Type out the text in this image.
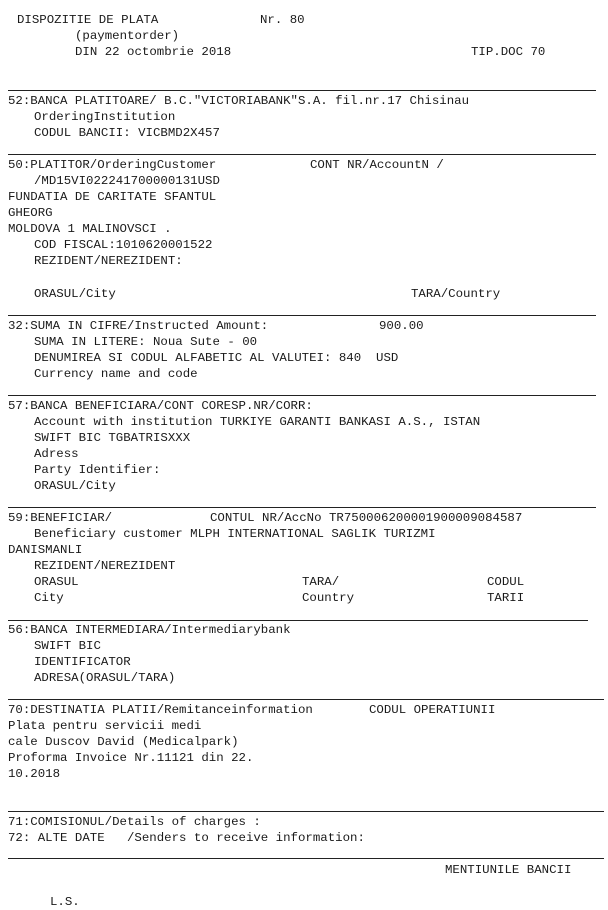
DISPOZITIE DE PLATA	Nr. 80
(paymentorder)
DIN 22 octombrie 2018	TIP.DOC 70
52:BANCA PLATITOARE/ B.C."VICTORIABANK"S.A. fil.nr.17 Chisinau
OrderingInstitution
CODUL BANCII: VICBMD2X457
50:PLATITOR/OrderingCustomer	CONT NR/AccountN /
/MD15VI022241700000131USD
FUNDATIA DE CARITATE SFANTUL
GHEORG
MOLDOVA 1 MALINOVSCI .
COD FISCAL:1010620001522
REZIDENT/NEREZIDENT:
ORASUL/City	TARA/Country
32:SUMA IN CIFRE/Instructed Amount:	900.00
SUMA IN LITERE: Noua Sute - 00
DENUMIREA SI CODUL ALFABETIC AL VALUTEI: 840  USD
Currency name and code
57:BANCA BENEFICIARA/CONT CORESP.NR/CORR:
Account with institution TURKIYE GARANTI BANKASI A.S., ISTAN
SWIFT BIC TGBATRISXXX
Adress
Party Identifier:
ORASUL/City
59:BENEFICIAR/	CONTUL NR/AccNo TR750006200001900009084587
Beneficiary customer MLPH INTERNATIONAL SAGLIK TURIZMI
DANISMANLI
REZIDENT/NEREZIDENT
ORASUL	TARA/	CODUL
City	Country	TARII
56:BANCA INTERMEDIARA/Intermediarybank
SWIFT BIC
IDENTIFICATOR
ADRESA(ORASUL/TARA)
70:DESTINATIA PLATII/Remitanceinformation	CODUL OPERATIUNII
Plata pentru servicii medi
cale Duscov David (Medicalpark)
Proforma Invoice Nr.11121 din 22.
10.2018
71:COMISIONUL/Details of charges :
72: ALTE DATE   /Senders to receive information:
MENTIUNILE BANCII
L.S.
